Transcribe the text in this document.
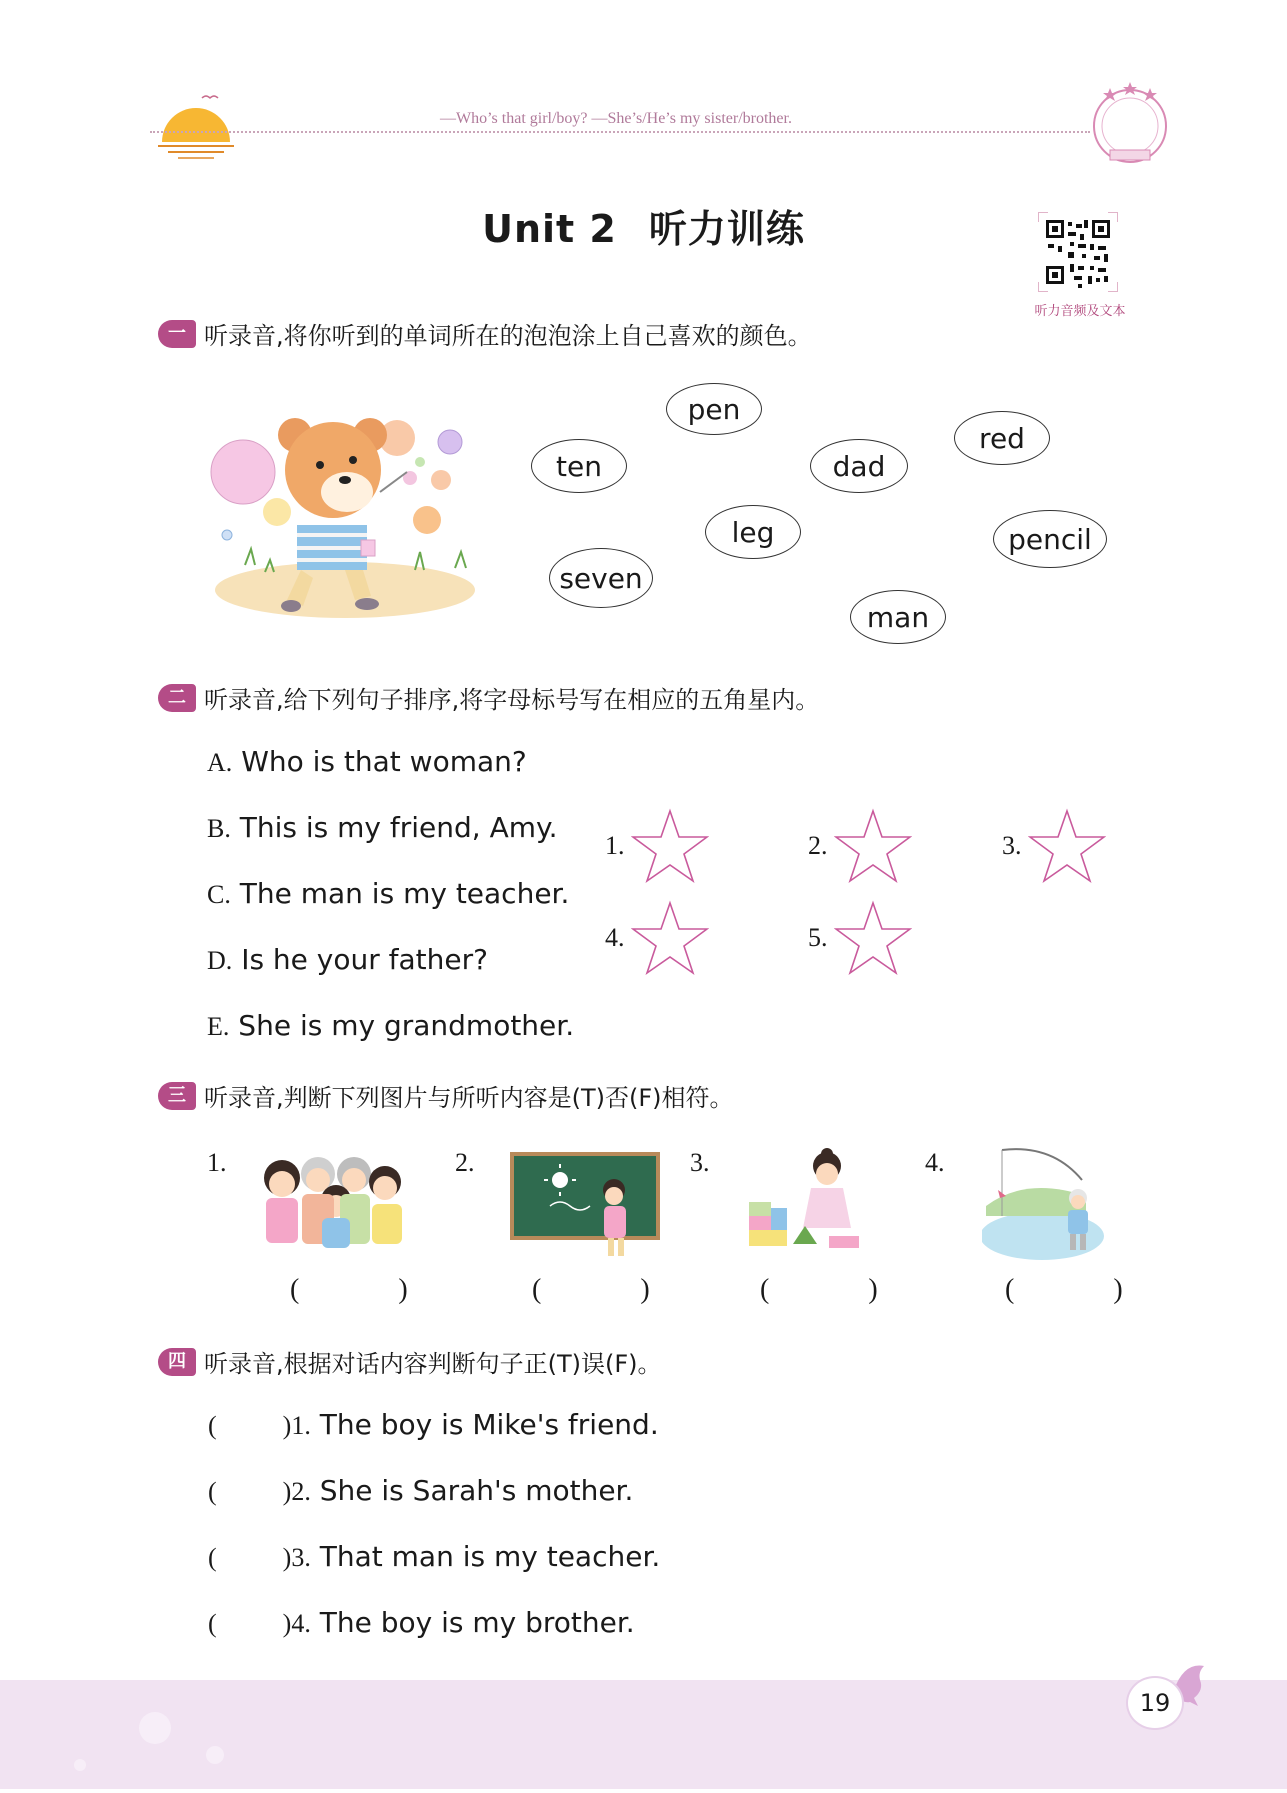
—Who’s that girl/boy? —She’s/He’s my sister/brother.
Unit 2 听力训练
听力音频及文本
一 听录音,将你听到的单词所在的泡泡涂上自己喜欢的颜色。
pen
ten	dad
red
leg	pencil
seven
man
二 听录音,给下列句子排序,将字母标号写在相应的五角星内。
A. Who is that woman?
B. This is my friend, Amy.
C. The man is my teacher.
D. Is he your father?
E. She is my grandmother.
1.	2.	3.
4.	5.
三 听录音,判断下列图片与所听内容是(T)否(F)相符。
1.	2.	3.	4.
( )	( ) ( )	( )
四 听录音,根据对话内容判断句子正(T)误(F)。
(	) 1.
The boy is Mike's friend.
(	) 2.
She is Sarah's mother.
(	) 3.
That man is my teacher.
(	) 4.
The boy is my brother.
19
